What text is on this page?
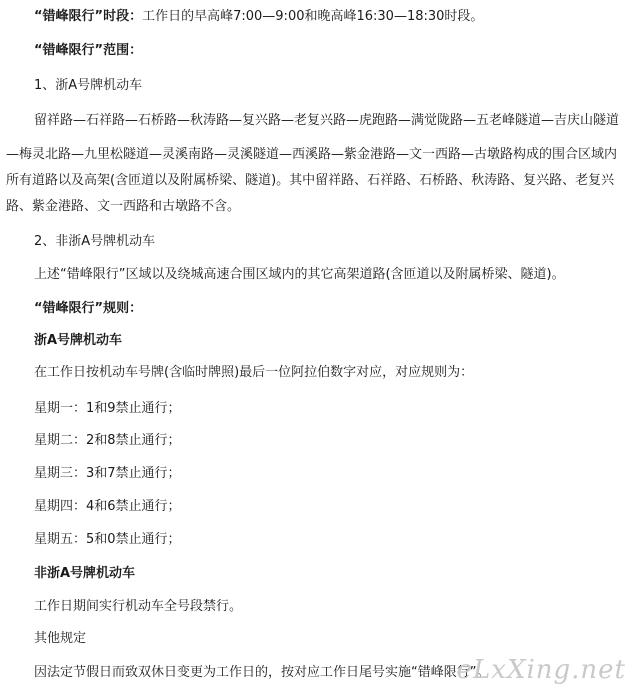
“错峰限行”时段：工作日的早高峰7:00—9:00和晚高峰16:30—18:30时段。
“错峰限行”范围：
1、浙A号牌机动车
留祥路—石祥路—石桥路—秋涛路—复兴路—老复兴路—虎跑路—满觉陇路—五老峰隧道—吉庆山隧道
—梅灵北路—九里松隧道—灵溪南路—灵溪隧道—西溪路—紫金港路—文一西路—古墩路构成的围合区域内
所有道路以及高架(含匝道以及附属桥梁、隧道)。其中留祥路、石祥路、石桥路、秋涛路、复兴路、老复兴
路、紫金港路、文一西路和古墩路不含。
2、非浙A号牌机动车
上述“错峰限行”区域以及绕城高速合围区域内的其它高架道路(含匝道以及附属桥梁、隧道)。
“错峰限行”规则：
浙A号牌机动车
在工作日按机动车号牌(含临时牌照)最后一位阿拉伯数字对应，对应规则为：
星期一：1和9禁止通行；
星期二：2和8禁止通行；
星期三：3和7禁止通行；
星期四：4和6禁止通行；
星期五：5和0禁止通行；
非浙A号牌机动车
工作日期间实行机动车全号段禁行。
其他规定
因法定节假日而致双休日变更为工作日的，按对应工作日尾号实施“错峰限行”。
eLxXing.net
